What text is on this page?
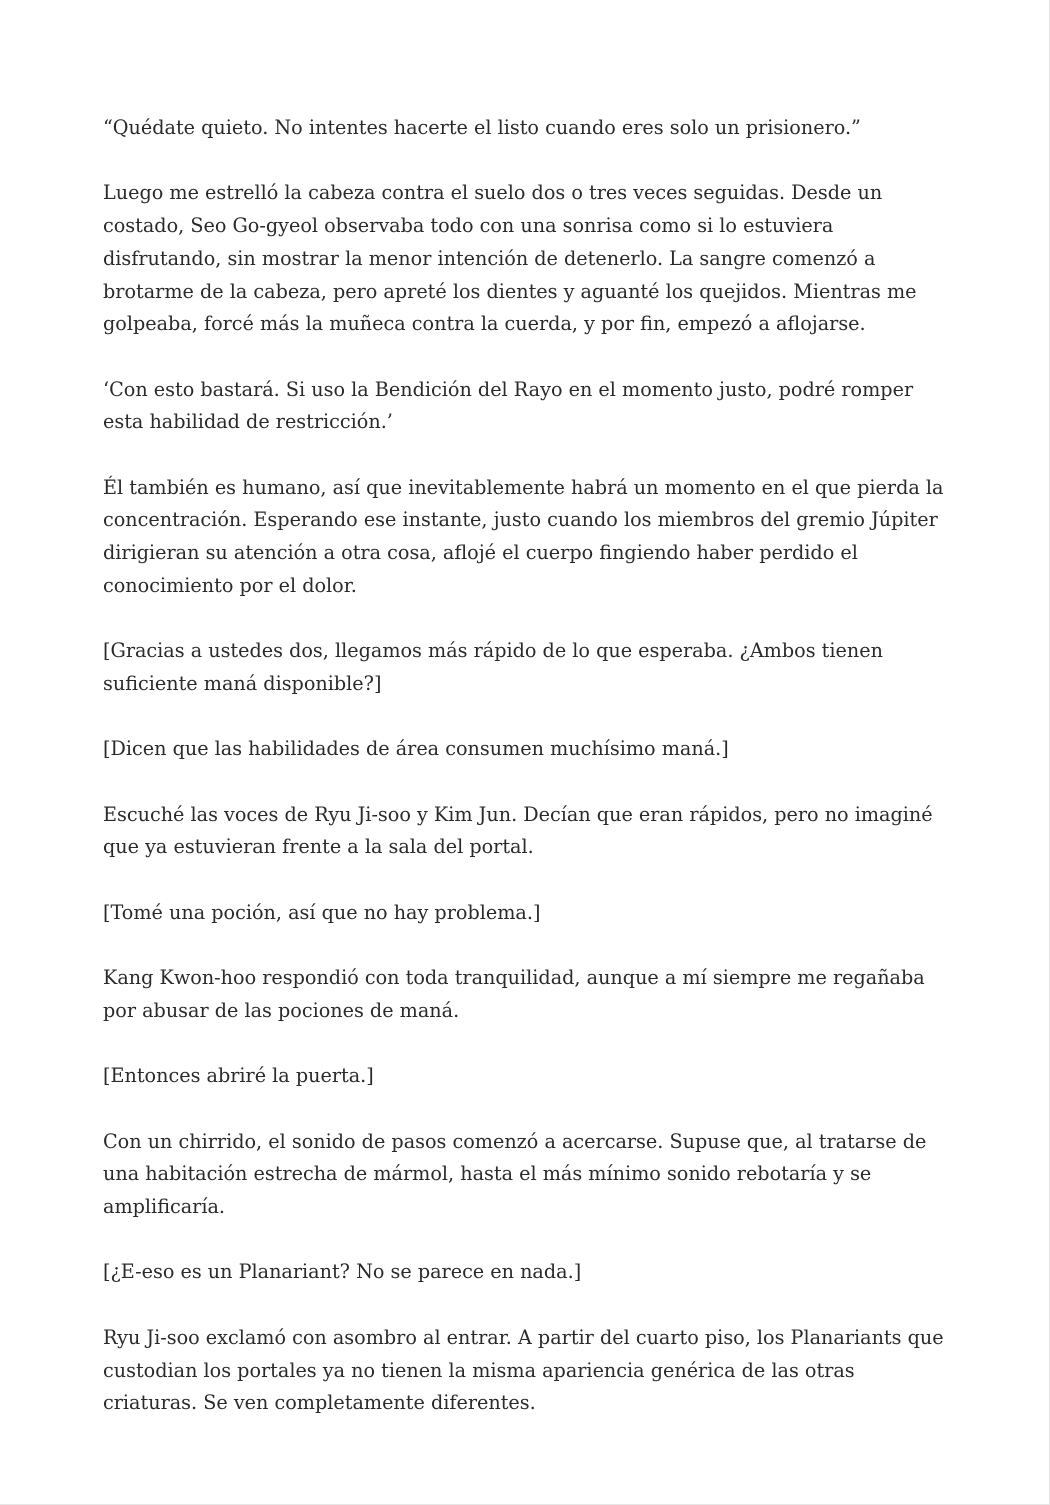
“Quédate quieto. No intentes hacerte el listo cuando eres solo un prisionero.”

Luego me estrelló la cabeza contra el suelo dos o tres veces seguidas. Desde un costado, Seo Go-gyeol observaba todo con una sonrisa como si lo estuviera disfrutando, sin mostrar la menor intención de detenerlo. La sangre comenzó a brotarme de la cabeza, pero apreté los dientes y aguanté los quejidos. Mientras me golpeaba, forcé más la muñeca contra la cuerda, y por fin, empezó a aflojarse.

‘Con esto bastará. Si uso la Bendición del Rayo en el momento justo, podré romper esta habilidad de restricción.’

Él también es humano, así que inevitablemente habrá un momento en el que pierda la concentración. Esperando ese instante, justo cuando los miembros del gremio Júpiter dirigieran su atención a otra cosa, aflojé el cuerpo fingiendo haber perdido el conocimiento por el dolor.

[Gracias a ustedes dos, llegamos más rápido de lo que esperaba. ¿Ambos tienen suficiente maná disponible?]

[Dicen que las habilidades de área consumen muchísimo maná.]

Escuché las voces de Ryu Ji-soo y Kim Jun. Decían que eran rápidos, pero no imaginé que ya estuvieran frente a la sala del portal.

[Tomé una poción, así que no hay problema.]

Kang Kwon-hoo respondió con toda tranquilidad, aunque a mí siempre me regañaba por abusar de las pociones de maná.

[Entonces abriré la puerta.]

Con un chirrido, el sonido de pasos comenzó a acercarse. Supuse que, al tratarse de una habitación estrecha de mármol, hasta el más mínimo sonido rebotaría y se amplificaría.

[¿E-eso es un Planariant? No se parece en nada.]

Ryu Ji-soo exclamó con asombro al entrar. A partir del cuarto piso, los Planariants que custodian los portales ya no tienen la misma apariencia genérica de las otras criaturas. Se ven completamente diferentes.
